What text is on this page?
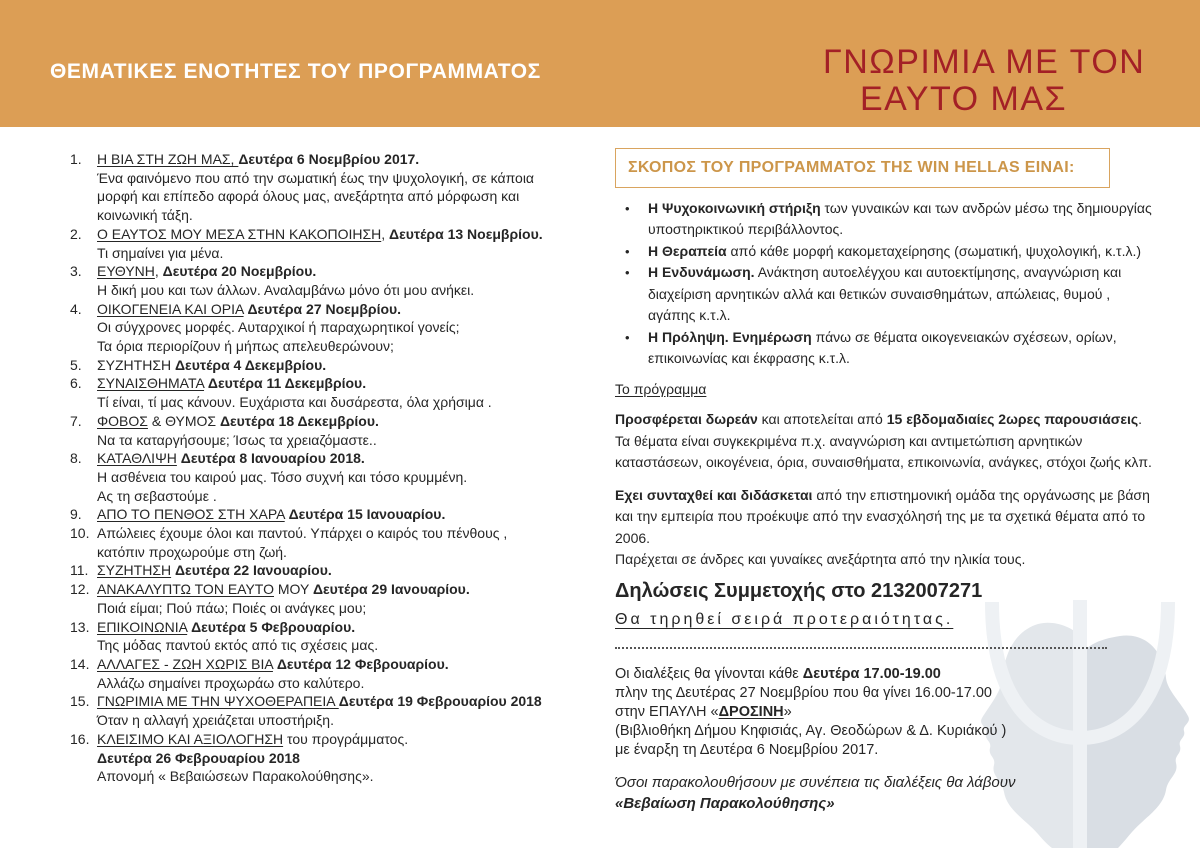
ΘΕΜΑΤΙΚΕΣ ΕΝΟΤΗΤΕΣ ΤΟΥ ΠΡΟΓΡΑΜΜΑΤΟΣ	ΓΝΩΡΙΜΙΑ ΜΕ ΤΟΝ
ΕΑΥΤΟ ΜΑΣ
1.	Η ΒΙΑ ΣΤΗ ΖΩΗ ΜΑΣ, Δευτέρα 6 Νοεμβρίου 2017.
Ένα φαινόμενο που από την σωματική έως την ψυχολογική, σε κάποια
μορφή και επίπεδο αφορά όλους μας, ανεξάρτητα από μόρφωση και
κοινωνική τάξη.
2.	Ο ΕΑΥΤΟΣ ΜΟΥ ΜΕΣΑ ΣΤΗΝ ΚΑΚΟΠΟΙΗΣΗ, Δευτέρα 13 Νοεμβρίου.
Τι σημαίνει για μένα.
3.	ΕΥΘΥΝΗ, Δευτέρα 20 Νοεμβρίου.
Η δική μου και των άλλων. Αναλαμβάνω μόνο ότι μου ανήκει.
4.	ΟΙΚΟΓΕΝΕΙΑ ΚΑΙ ΟΡΙΑ Δευτέρα 27 Νοεμβρίου.
Οι σύγχρονες μορφές. Αυταρχικοί ή παραχωρητικοί γονείς;
Τα όρια περιορίζουν ή μήπως απελευθερώνουν;
5.	ΣΥΖΗΤΗΣΗ Δευτέρα 4 Δεκεμβρίου.
6.	ΣΥΝΑΙΣΘΗΜΑΤΑ Δευτέρα 11 Δεκεμβρίου.
Τί είναι, τί μας κάνουν. Ευχάριστα και δυσάρεστα, όλα χρήσιμα .
7.	ΦΟΒΟΣ & ΘΥΜΟΣ Δευτέρα 18 Δεκεμβρίου.
Να τα καταργήσουμε; Ίσως τα χρειαζόμαστε..
8.	ΚΑΤΑΘΛΙΨΗ Δευτέρα 8 Ιανουαρίου 2018.
Η ασθένεια του καιρού μας. Τόσο συχνή και τόσο κρυμμένη.
Ας τη σεβαστούμε .
9.	ΑΠΟ ΤΟ ΠΕΝΘΟΣ ΣΤΗ ΧΑΡΑ Δευτέρα 15 Ιανουαρίου.
10. Απώλειες έχουμε όλοι και παντού. Υπάρχει ο καιρός του πένθους ,
κατόπιν προχωρούμε στη ζωή.
11. ΣΥΖΗΤΗΣΗ Δευτέρα 22 Ιανουαρίου.
12. ΑΝΑΚΑΛΥΠΤΩ ΤΟΝ ΕΑΥΤΟ ΜΟΥ Δευτέρα 29 Ιανουαρίου.
Ποιά είμαι; Πού πάω; Ποιές οι ανάγκες μου;
13. ΕΠΙΚΟΙΝΩΝΙΑ Δευτέρα 5 Φεβρουαρίου.
Της μόδας παντού εκτός από τις σχέσεις μας.
14. ΑΛΛΑΓΕΣ - ΖΩΗ ΧΩΡΙΣ ΒΙΑ Δευτέρα 12 Φεβρουαρίου.
Αλλάζω σημαίνει προχωράω στο καλύτερο.
15. ΓΝΩΡΙΜΙΑ ΜΕ ΤΗΝ ΨΥΧΟΘΕΡΑΠΕΙΑ Δευτέρα 19 Φεβρουαρίου 2018
Όταν η αλλαγή χρειάζεται υποστήριξη.
16. ΚΛΕΙΣΙΜΟ ΚΑΙ ΑΞΙΟΛΟΓΗΣΗ του προγράμματος.
Δευτέρα 26 Φεβρουαρίου 2018
Απονομή « Βεβαιώσεων Παρακολούθησης».
ΣΚΟΠΟΣ ΤΟΥ ΠΡΟΓΡΑΜΜΑΤΟΣ ΤΗΣ WIN HELLAS ΕΙΝΑΙ:
•	Η Ψυχοκοινωνική στήριξη των γυναικών και των ανδρών μέσω της δημιουργίας
υποστηρικτικού περιβάλλοντος.
•	Η Θεραπεία από κάθε μορφή κακομεταχείρησης (σωματική, ψυχολογική, κ.τ.λ.)
•	Η Ενδυνάμωση. Ανάκτηση αυτοελέγχου και αυτοεκτίμησης, αναγνώριση και
διαχείριση αρνητικών αλλά και θετικών συναισθημάτων, απώλειας, θυμού ,
αγάπης κ.τ.λ.
•	Η Πρόληψη. Ενημέρωση πάνω σε θέματα οικογενειακών σχέσεων, ορίων,
επικοινωνίας και έκφρασης κ.τ.λ.
Το πρόγραμμα
Προσφέρεται δωρεάν και αποτελείται από 15 εβδομαδιαίες 2ωρες παρουσιάσεις.
Τα θέματα είναι συγκεκριμένα π.χ. αναγνώριση και αντιμετώπιση αρνητικών
καταστάσεων, οικογένεια, όρια, συναισθήματα, επικοινωνία, ανάγκες, στόχοι ζωής κλπ.
Εχει συνταχθεί και διδάσκεται από την επιστημονική ομάδα της οργάνωσης με βάση
και την εμπειρία που προέκυψε από την ενασχόλησή της με τα σχετικά θέματα από το
2006.
Παρέχεται σε άνδρες και γυναίκες ανεξάρτητα από την ηλικία τους.
Δηλώσεις Συμμετοχής στο 2132007271
Θα τηρηθεί σειρά προτεραιότητας.
Οι διαλέξεις θα γίνονται κάθε Δευτέρα 17.00-19.00
πλην της Δευτέρας 27 Νοεμβρίου που θα γίνει 16.00-17.00
στην ΕΠΑΥΛΗ «ΔΡΟΣΙΝΗ»
(Βιβλιοθήκη Δήμου Κηφισιάς, Αγ. Θεοδώρων & Δ. Κυριάκού )
με έναρξη τη Δευτέρα 6 Νοεμβρίου 2017.
Όσοι παρακολουθήσουν με συνέπεια τις διαλέξεις θα λάβουν
«Βεβαίωση Παρακολούθησης»
